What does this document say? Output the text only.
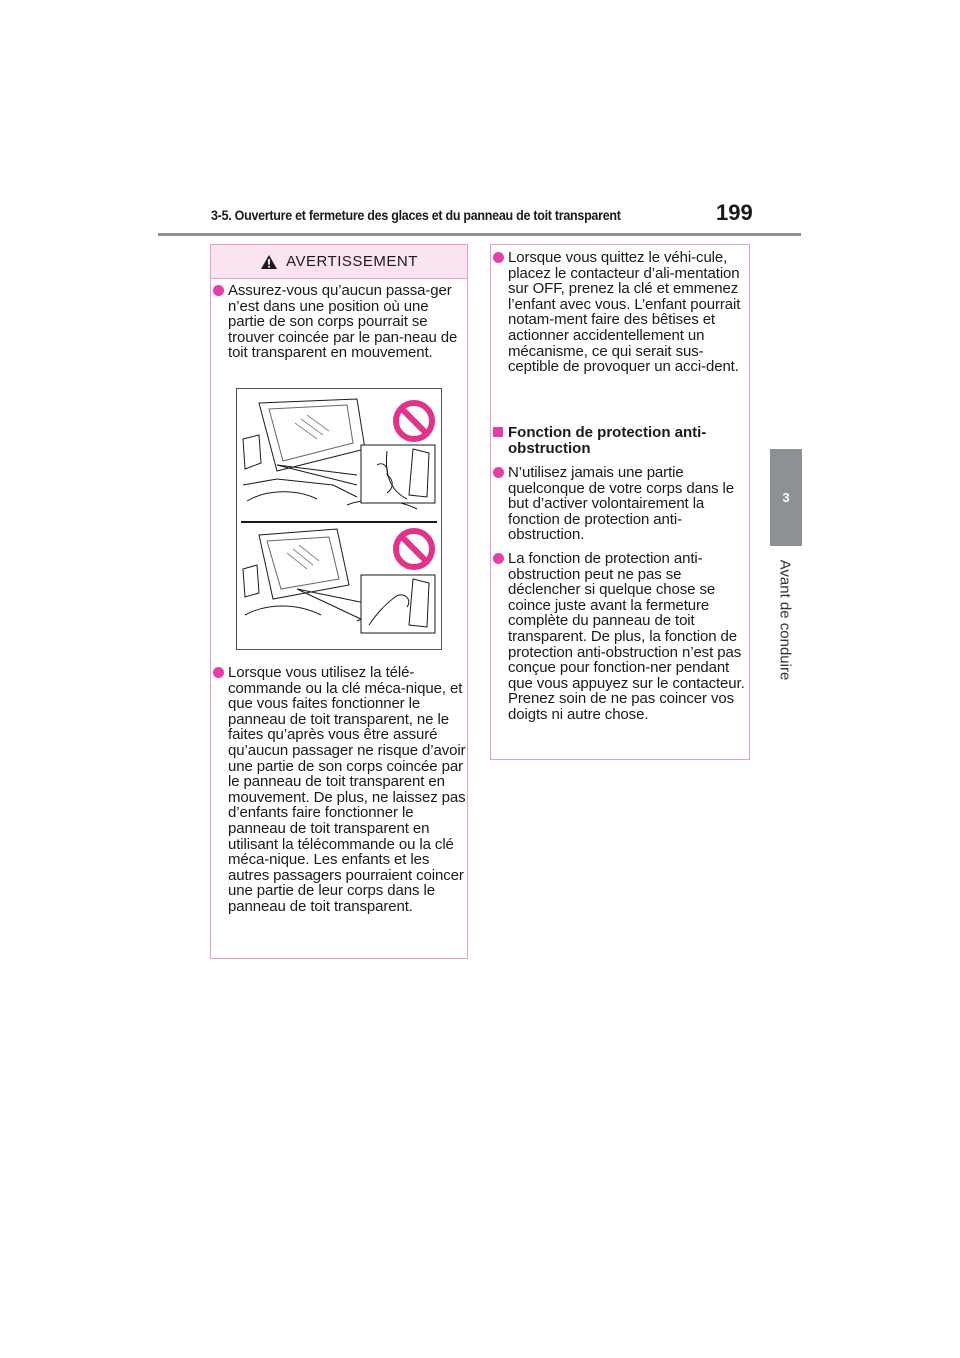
3-5. Ouverture et fermeture des glaces et du panneau de toit transparent	199
3
Avant de conduire
AVERTISSEMENT
Assurez-vous qu’aucun passa-ger n’est dans une position où une partie de son corps pourrait se trouver coincée par le pan-neau de toit transparent en mouvement.
Lorsque vous utilisez la télé-commande ou la clé méca-nique, et que vous faites fonctionner le panneau de toit transparent, ne le faites qu’après vous être assuré qu’aucun passager ne risque d’avoir une partie de son corps coincée par le panneau de toit transparent en mouvement. De plus, ne laissez pas d’enfants faire fonctionner le panneau de toit transparent en utilisant la télécommande ou la clé méca-nique. Les enfants et les autres passagers pourraient coincer une partie de leur corps dans le panneau de toit transparent.
Lorsque vous quittez le véhi-cule, placez le contacteur d’ali-mentation sur OFF, prenez la clé et emmenez l’enfant avec vous. L’enfant pourrait notam-ment faire des bêtises et actionner accidentellement un mécanisme, ce qui serait sus-ceptible de provoquer un acci-dent.
Fonction de protection anti-obstruction
N’utilisez jamais une partie quelconque de votre corps dans le but d’activer volontairement la fonction de protection anti-obstruction.
La fonction de protection anti-obstruction peut ne pas se déclencher si quelque chose se coince juste avant la fermeture complète du panneau de toit transparent. De plus, la fonction de protection anti-obstruction n’est pas conçue pour fonction-ner pendant que vous appuyez sur le contacteur. Prenez soin de ne pas coincer vos doigts ni autre chose.
